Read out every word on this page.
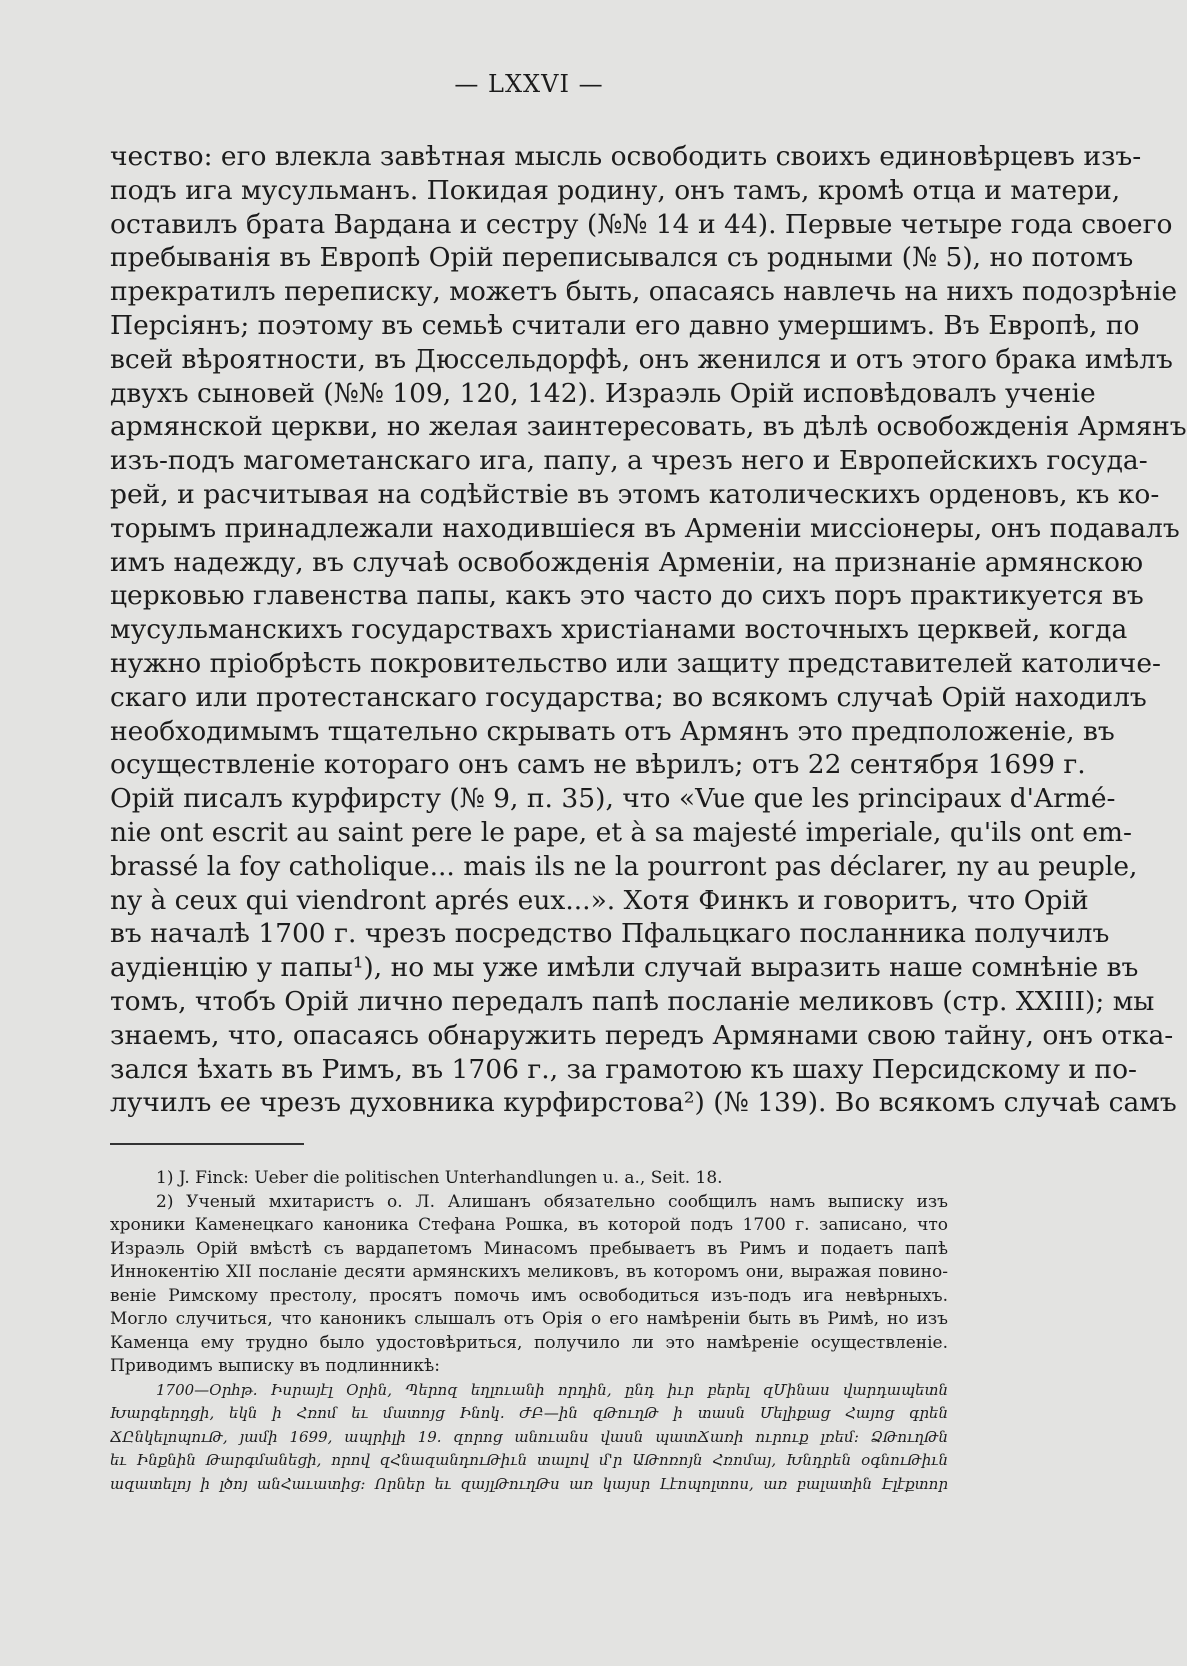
— LXXVI —

чество: его влекла завѣтная мысль освободить своихъ единовѣрцевъ изъ-

подъ ига мусульманъ. Покидая родину, онъ тамъ, кромѣ отца и матери,

оставилъ брата Вардана и сестру (№№ 14 и 44). Первые четыре года своего

пребыванія въ Европѣ Орій переписывался съ родными (№ 5), но потомъ

прекратилъ переписку, можетъ быть, опасаясь навлечь на нихъ подозрѣніе

Персіянъ; поэтому въ семьѣ считали его давно умершимъ. Въ Европѣ, по

всей вѣроятности, въ Дюссельдорфѣ, онъ женился и отъ этого брака имѣлъ

двухъ сыновей (№№ 109, 120, 142). Израэль Орій исповѣдовалъ ученіе

армянской церкви, но желая заинтересовать, въ дѣлѣ освобожденія Армянъ

изъ-подъ магометанскаго ига, папу, а чрезъ него и Европейскихъ госуда-

рей, и расчитывая на содѣйствіе въ этомъ католическихъ орденовъ, къ ко-

торымъ принадлежали находившіеся въ Арменіи миссіонеры, онъ подавалъ

имъ надежду, въ случаѣ освобожденія Арменіи, на признаніе армянскою

церковью главенства папы, какъ это часто до сихъ поръ практикуется въ

мусульманскихъ государствахъ христіанами восточныхъ церквей, когда

нужно пріобрѣсть покровительство или защиту представителей католиче-

скаго или протестанскаго государства; во всякомъ случаѣ Орій находилъ

необходимымъ тщательно скрывать отъ Армянъ это предположеніе, въ

осуществленіе котораго онъ самъ не вѣрилъ; отъ 22 сентября 1699 г.

Орій писалъ курфирсту (№ 9, п. 35), что «Vue que les principaux d'Armé-

nie ont escrit au saint pere le pape, et à sa majesté imperiale, qu'ils ont em-

brassé la foy catholique... mais ils ne la pourront pas déclarer, ny au peuple,

ny à ceux qui viendront aprés eux...». Хотя Финкъ и говоритъ, что Орій

въ началѣ 1700 г. чрезъ посредство Пфальцкаго посланника получилъ

аудіенцію у папы¹), но мы уже имѣли случай выразить наше сомнѣніе въ

томъ, чтобъ Орій лично передалъ папѣ посланіе меликовъ (стр. XXIII); мы

знаемъ, что, опасаясь обнаружить передъ Армянами свою тайну, онъ отка-

зался ѣхать въ Римъ, въ 1706 г., за грамотою къ шаху Персидскому и по-

лучилъ ее чрезъ духовника курфирстова²) (№ 139). Во всякомъ случаѣ самъ

1) J. Finck: Ueber die politischen Unterhandlungen u. a., Seit. 18.

2) Ученый мхитаристъ о. Л. Алишанъ обязательно сообщилъ намъ выписку изъ

хроники Каменецкаго каноника Стефана Рошка, въ которой подъ 1700 г. записано, что

Израэль Орій вмѣстѣ съ вардапетомъ Минасомъ пребываетъ въ Римъ и подаетъ папѣ

Иннокентію XII посланіе десяти армянскихъ меликовъ, въ которомъ они, выражая повино-

веніе Римскому престолу, просятъ помочь имъ освободиться изъ-подъ ига невѣрныхъ.

Могло случиться, что каноникъ слышалъ отъ Орія о его намѣреніи быть въ Римѣ, но изъ

Каменца ему трудно было удостовѣриться, получило ли это намѣреніе осуществленіе.

Приводимъ выписку въ подлинникѣ:

1700—Օրհթ. Իսրայէլ Օրին, Պերոզ եղլուանի որդին, ընդ իւր բերել զՄինաս վարդապետն

Խարգերդցի, եկն ի Հռոմ եւ մատոյց Ինոկ. ԺԲ—ին զԹուղԹ ի տասն Մելիքաց Հայոց գրեն

ՃԸնկելոպուԹ, յամի 1699, ապրիլի 19. զորոց անուանս վասն պատՃառի ուրուք լռեմ: ՁԹուղԹն

եւ Ինքնին Թարգմանեցի, որով զՀնազանդուԹիւն տալով մ'ր ԱԹոռոյն Հռոմայ, Խնդրեն օգնուԹիւն

ազատելոյ ի լծոյ անՀաւատից: Որներ եւ զայլԹուղԹս առ կայսր Լէոպոլտոս, առ բալատին Էլէքտոր
